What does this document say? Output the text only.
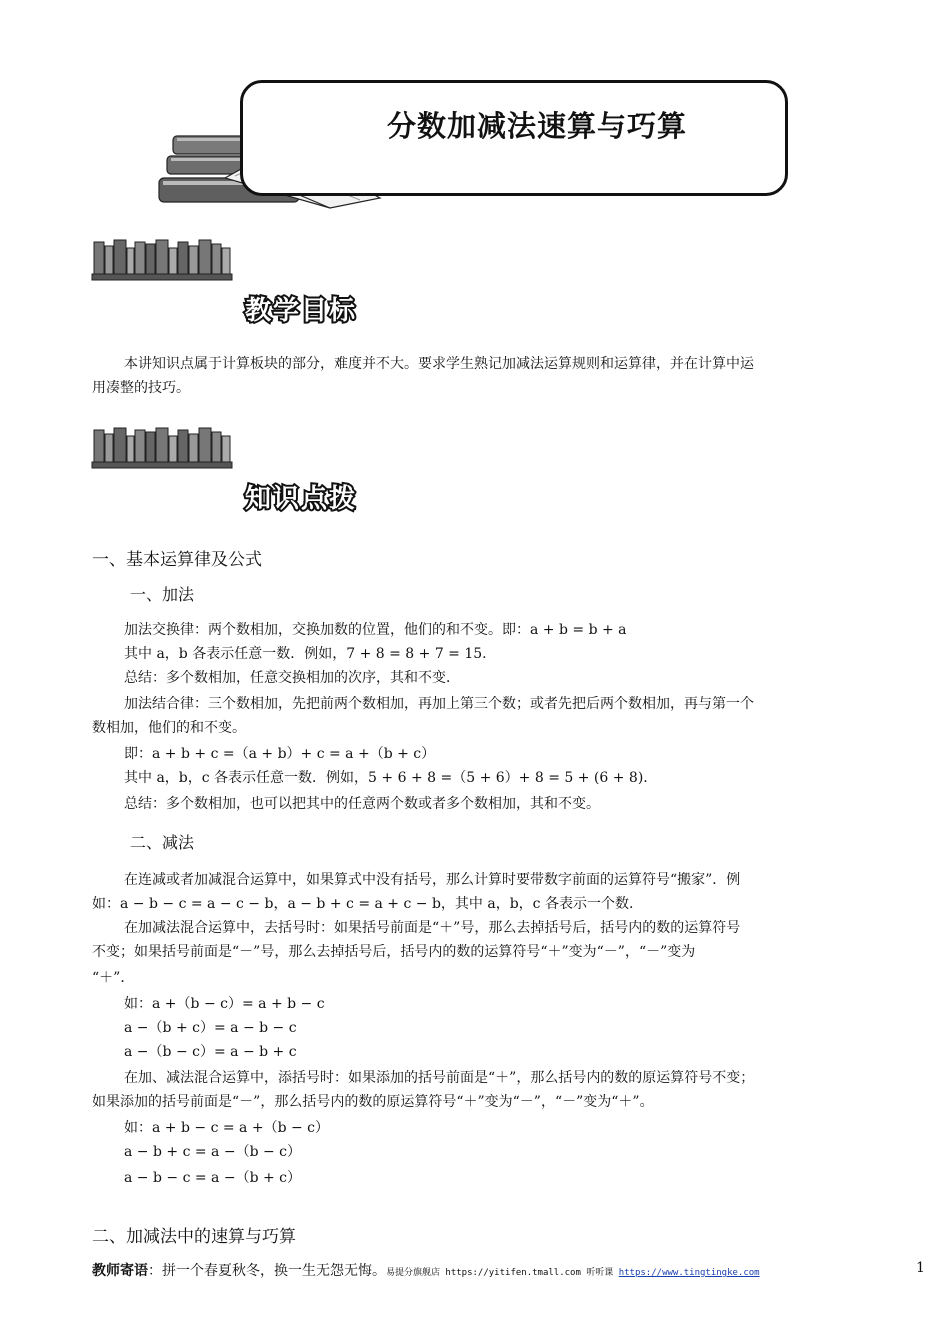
分数加减法速算与巧算
教学目标
本讲知识点属于计算板块的部分，难度并不大。要求学生熟记加减法运算规则和运算律，并在计算中运
用凑整的技巧。
知识点拨
一、基本运算律及公式
一、加法
加法交换律：两个数相加，交换加数的位置，他们的和不变。即：a + b = b + a
其中 a，b 各表示任意一数．例如，7 + 8 = 8 + 7 = 15.
总结：多个数相加，任意交换相加的次序，其和不变．
加法结合律：三个数相加，先把前两个数相加，再加上第三个数；或者先把后两个数相加，再与第一个
数相加，他们的和不变。
即：a + b + c =（a + b）+ c = a +（b + c）
其中 a，b，c 各表示任意一数．例如，5 + 6 + 8 =（5 + 6）+ 8 = 5 + (6 + 8).
总结：多个数相加，也可以把其中的任意两个数或者多个数相加，其和不变。
二、减法
在连减或者加减混合运算中，如果算式中没有括号，那么计算时要带数字前面的运算符号“搬家”．例
如：a − b − c = a − c − b，a − b + c = a + c − b，其中 a，b，c 各表示一个数.
在加减法混合运算中，去括号时：如果括号前面是“＋”号，那么去掉括号后，括号内的数的运算符号
不变；如果括号前面是“－”号，那么去掉括号后，括号内的数的运算符号“＋”变为“－”，“－”变为
“＋”．
如：a +（b − c）= a + b − c
a −（b + c）= a − b − c
a −（b − c）= a − b + c
在加、减法混合运算中，添括号时：如果添加的括号前面是“＋”，那么括号内的数的原运算符号不变；
如果添加的括号前面是“－”，那么括号内的数的原运算符号“＋”变为“－”，“－”变为“＋”。
如：a + b − c = a +（b − c）
a − b + c = a −（b − c）
a − b − c = a −（b + c）
二、加减法中的速算与巧算
教师寄语：拼一个春夏秋冬，换一生无怨无悔。易提分旗舰店 https://yitifen.tmall.com 听听课 https://www.tingtingke.com	1
